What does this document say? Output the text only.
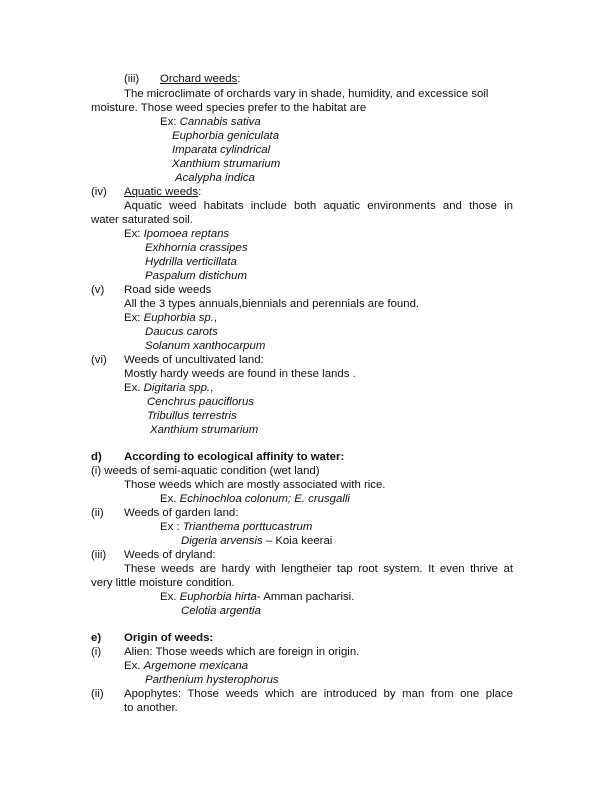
(iii) Orchard weeds:
The microclimate of orchards vary in shade, humidity, and excessice soil
moisture. Those weed species prefer to the habitat are
Ex: Cannabis sativa
Euphorbia geniculata
Imparata cylindrical
Xanthium strumarium
Acalypha indica
(iv) Aquatic weeds:
Aquatic weed habitats include both aquatic environments and those in
water saturated soil.
Ex: Ipomoea reptans
Exhhornia crassipes
Hydrilla verticillata
Paspalum distichum
(v) Road side weeds
All the 3 types annuals,biennials and perennials are found.
Ex: Euphorbia sp.,
Daucus carots
Solanum xanthocarpum
(vi) Weeds of uncultivated land:
Mostly hardy weeds are found in these lands .
Ex. Digitaria spp.,
Cenchrus pauciflorus
Tribullus terrestris
Xanthium strumarium
d) According to ecological affinity to water:
(i) weeds of semi-aquatic condition (wet land)
Those weeds which are mostly associated with rice.
Ex. Echinochloa colonum; E. crusgalli
(ii) Weeds of garden land:
Ex : Trianthema porttucastrum
Digeria arvensis – Koia keerai
(iii) Weeds of dryland:
These weeds are hardy with lengtheier tap root system. It even thrive at
very little moisture condition.
Ex. Euphorbia hirta- Amman pacharisi.
Celotia argentia
e) Origin of weeds:
(i) Alien: Those weeds which are foreign in origin.
Ex. Argemone mexicana
Parthenium hysterophorus
(ii) Apophytes: Those weeds which are introduced by man from one place
to another.
